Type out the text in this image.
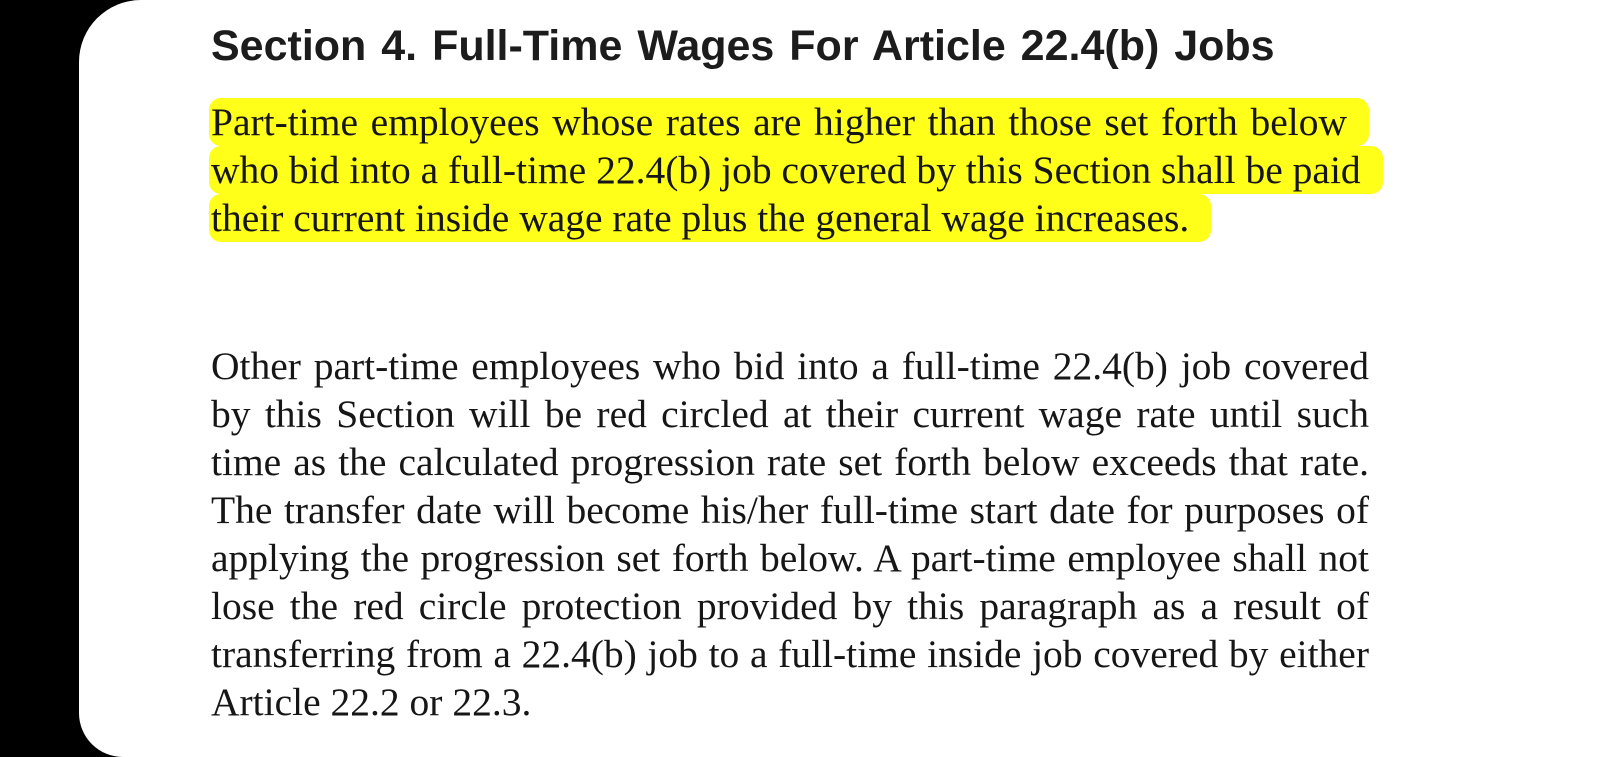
Section 4. Full-Time Wages For Article 22.4(b) Jobs

Part-time employees whose rates are higher than those set forth below who bid into a full-time 22.4(b) job covered by this Section shall be paid their current inside wage rate plus the general wage increases.

Other part-time employees who bid into a full-time 22.4(b) job covered by this Section will be red circled at their current wage rate until such time as the calculated progression rate set forth below exceeds that rate. The transfer date will become his/her full-time start date for purposes of applying the progression set forth below. A part-time employee shall not lose the red circle protection provided by this paragraph as a result of transferring from a 22.4(b) job to a full-time inside job covered by either Article 22.2 or 22.3.
